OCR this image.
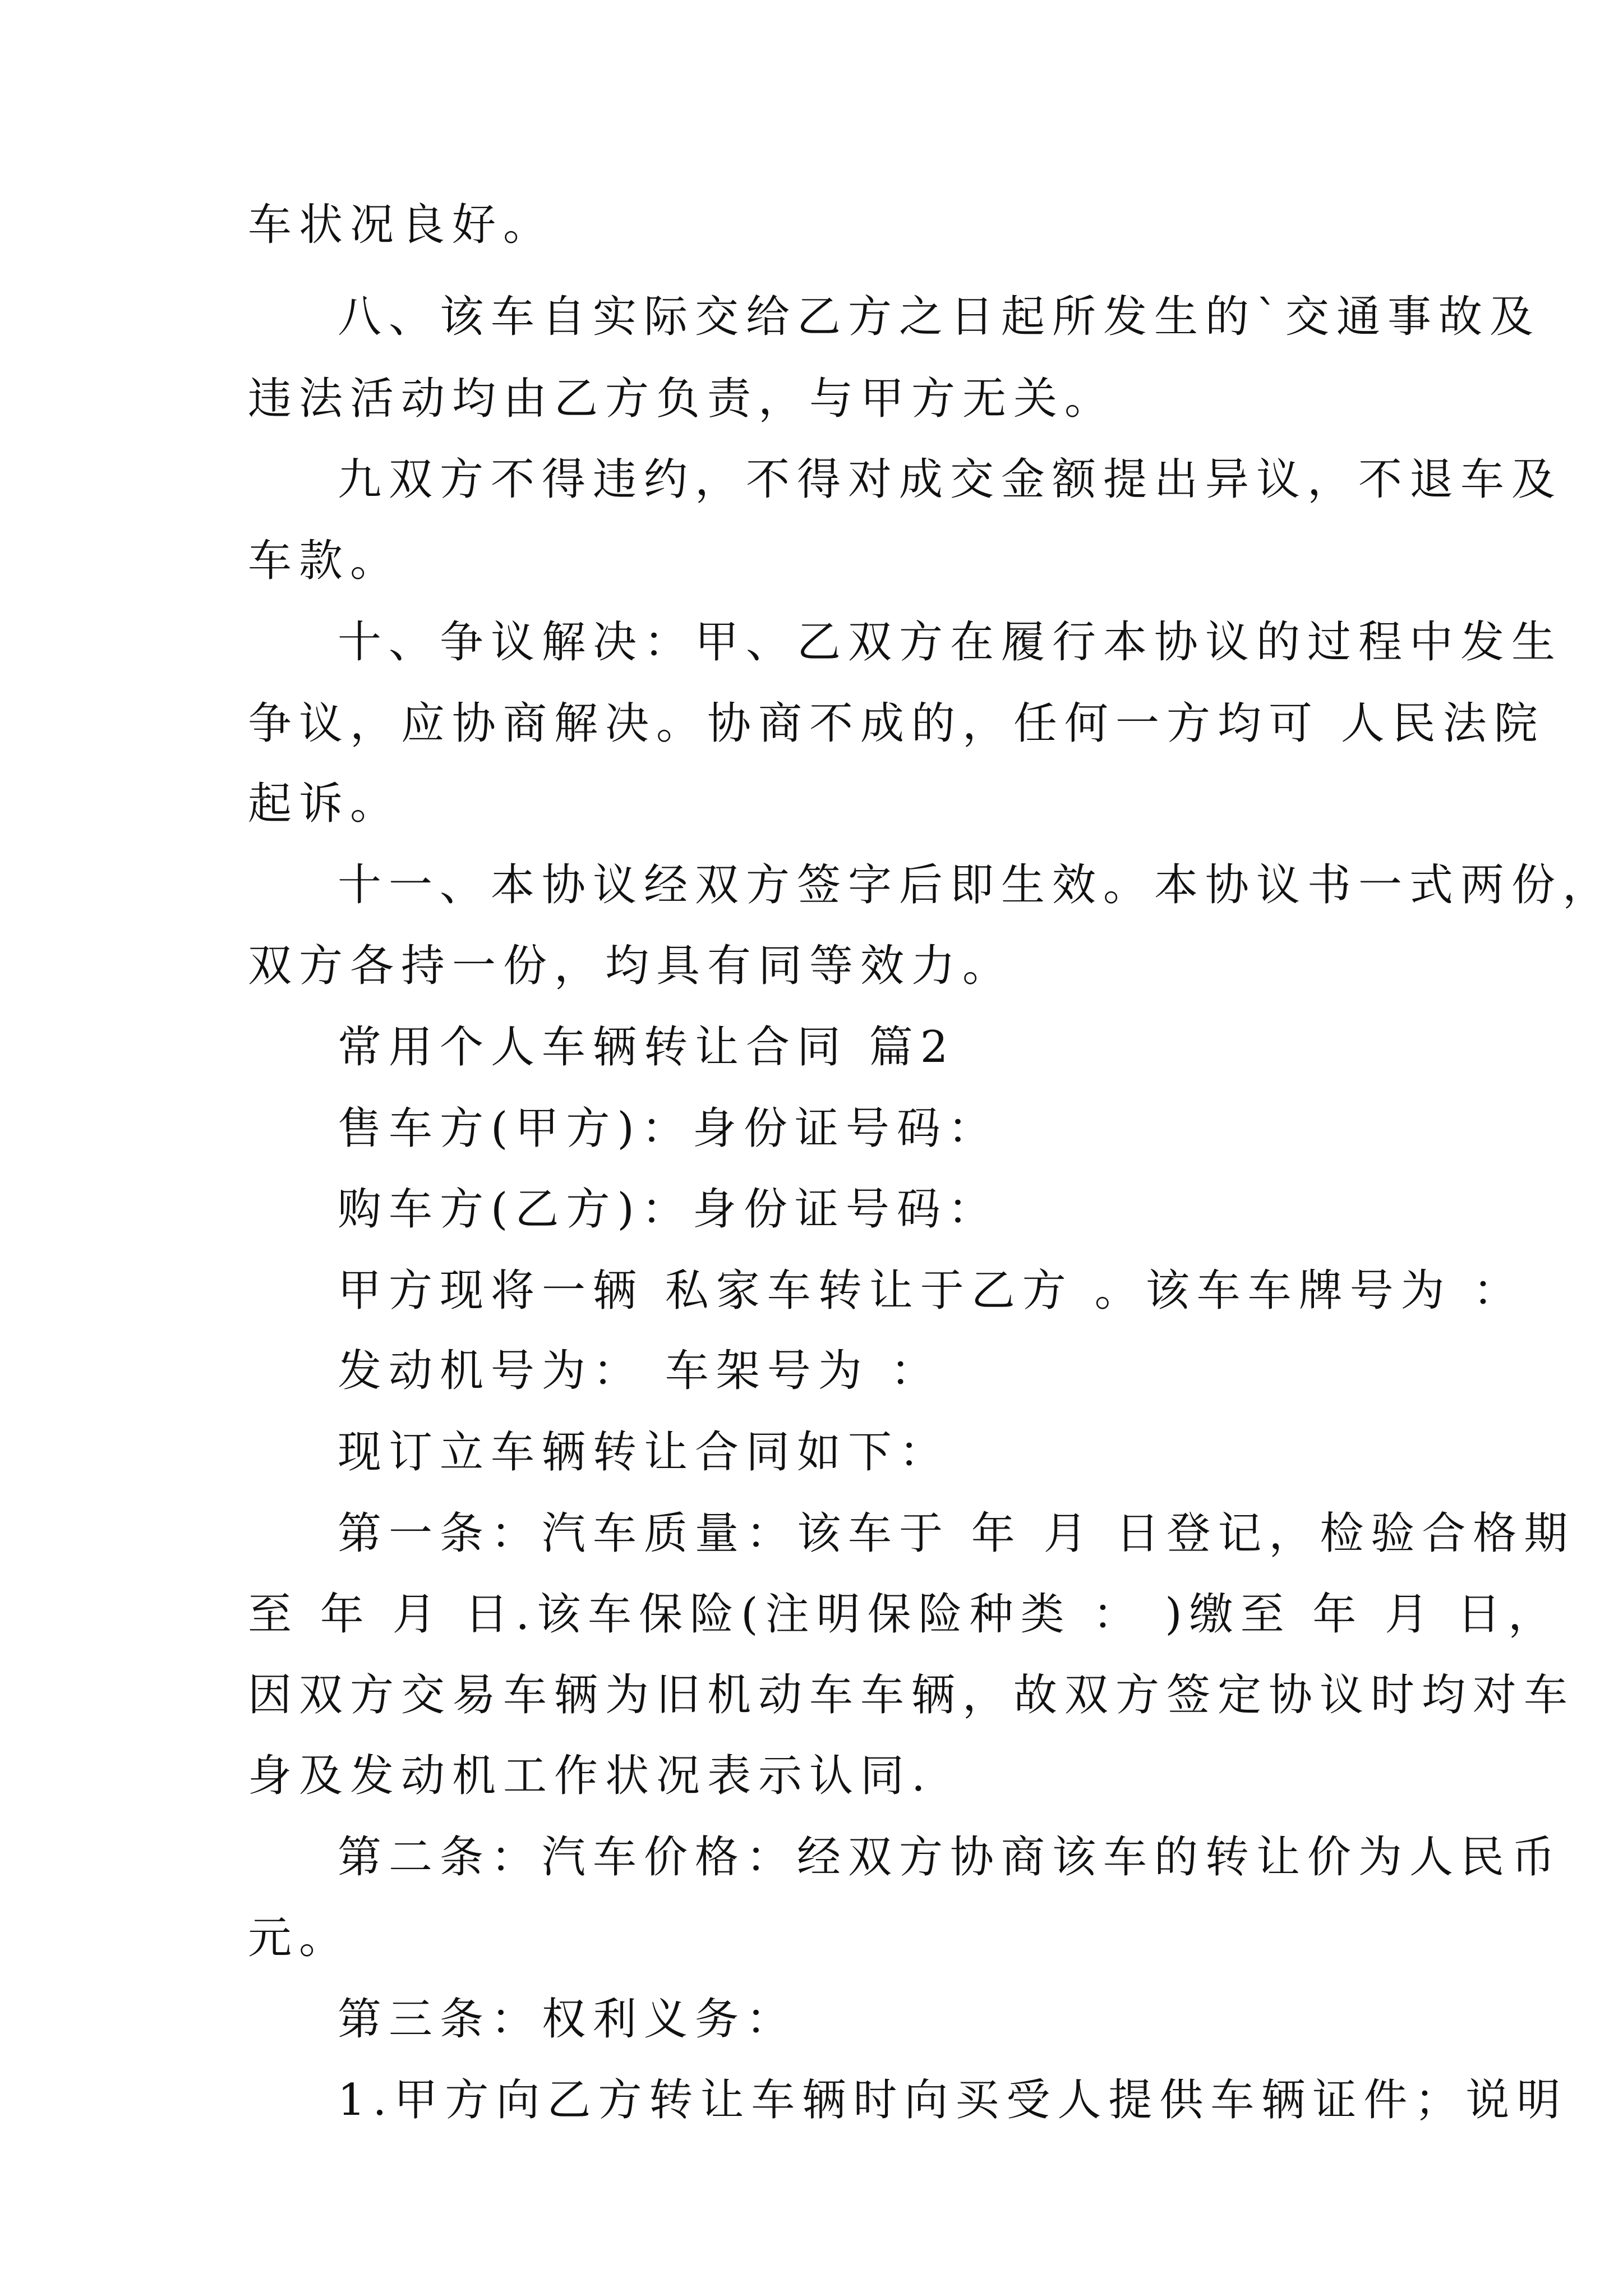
车状况良好。
八、该车自实际交给乙方之日起所发生的`交通事故及
违法活动均由乙方负责，与甲方无关。
九双方不得违约，不得对成交金额提出异议，不退车及
车款。
十、争议解决：甲、乙双方在履行本协议的过程中发生
争议，应协商解决。协商不成的，任何一方均可 人民法院
起诉。
十一、本协议经双方签字后即生效。本协议书一式两份，
双方各持一份，均具有同等效力。
常用个人车辆转让合同 篇2
售车方(甲方)：身份证号码：
购车方(乙方)：身份证号码：
甲方现将一辆 私家车转让于乙方 。该车车牌号为 ：
发动机号为： 车架号为 ：
现订立车辆转让合同如下：
第一条：汽车质量：该车于 年 月 日登记，检验合格期
至 年 月 日.该车保险(注明保险种类 ： )缴至 年 月 日，
因双方交易车辆为旧机动车车辆，故双方签定协议时均对车
身及发动机工作状况表示认同.
第二条：汽车价格：经双方协商该车的转让价为人民币
元。
第三条：权利义务：
1.甲方向乙方转让车辆时向买受人提供车辆证件；说明
